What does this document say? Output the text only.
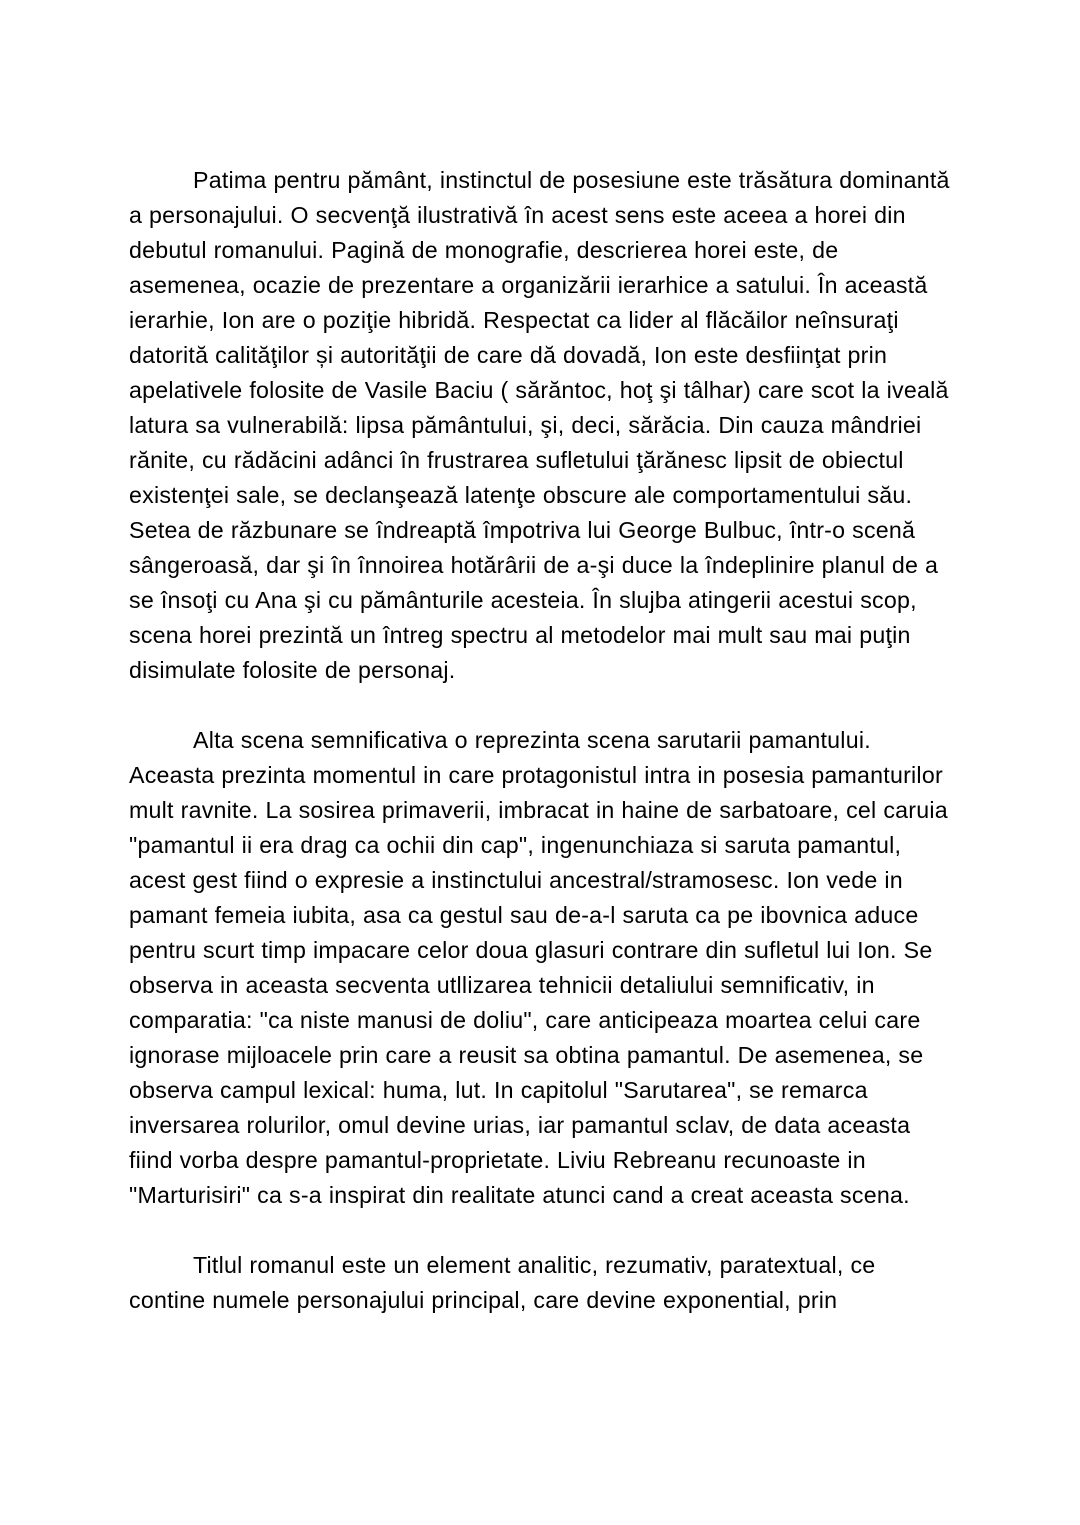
Patima pentru pământ, instinctul de posesiune este trăsătura dominantă a personajului. O secvenţă ilustrativă în acest sens este aceea a horei din debutul romanului. Pagină de monografie, descrierea horei este, de asemenea, ocazie de prezentare a organizării ierarhice a satului. În această ierarhie, Ion are o poziţie hibridă. Respectat ca lider al flăcăilor neînsuraţi datorită calităţilor și autorităţii de care dă dovadă, Ion este desfiinţat prin apelativele folosite de Vasile Baciu ( sărăntoc, hoţ şi tâlhar) care scot la iveală latura sa vulnerabilă: lipsa pământului, şi, deci, sărăcia. Din cauza mândriei rănite, cu rădăcini adânci în frustrarea sufletului ţărănesc lipsit de obiectul existenţei sale, se declanşează latenţe obscure ale comportamentului său. Setea de răzbunare se îndreaptă împotriva lui George Bulbuc, într-o scenă sângeroasă, dar şi în înnoirea hotărârii de a-şi duce la îndeplinire planul de a se însoţi cu Ana şi cu pământurile acesteia. În slujba atingerii acestui scop, scena horei prezintă un întreg spectru al metodelor mai mult sau mai puţin disimulate folosite de personaj.

Alta scena semnificativa o reprezinta scena sarutarii pamantului. Aceasta prezinta momentul in care protagonistul intra in posesia pamanturilor mult ravnite. La sosirea primaverii, imbracat in haine de sarbatoare, cel caruia "pamantul ii era drag ca ochii din cap", ingenunchiaza si saruta pamantul, acest gest fiind o expresie a instinctului ancestral/stramosesc. Ion vede in pamant femeia iubita, asa ca gestul sau de-a-l saruta ca pe ibovnica aduce pentru scurt timp impacare celor doua glasuri contrare din sufletul lui Ion. Se observa in aceasta secventa utllizarea tehnicii detaliului semnificativ, in comparatia: "ca niste manusi de doliu", care anticipeaza moartea celui care ignorase mijloacele prin care a reusit sa obtina pamantul. De asemenea, se observa campul lexical: huma, lut. In capitolul "Sarutarea", se remarca inversarea rolurilor, omul devine urias, iar pamantul sclav, de data aceasta fiind vorba despre pamantul-proprietate. Liviu Rebreanu recunoaste in "Marturisiri" ca s-a inspirat din realitate atunci cand a creat aceasta scena.

Titlul romanul este un element analitic, rezumativ, paratextual, ce contine numele personajului principal, care devine exponential, prin
